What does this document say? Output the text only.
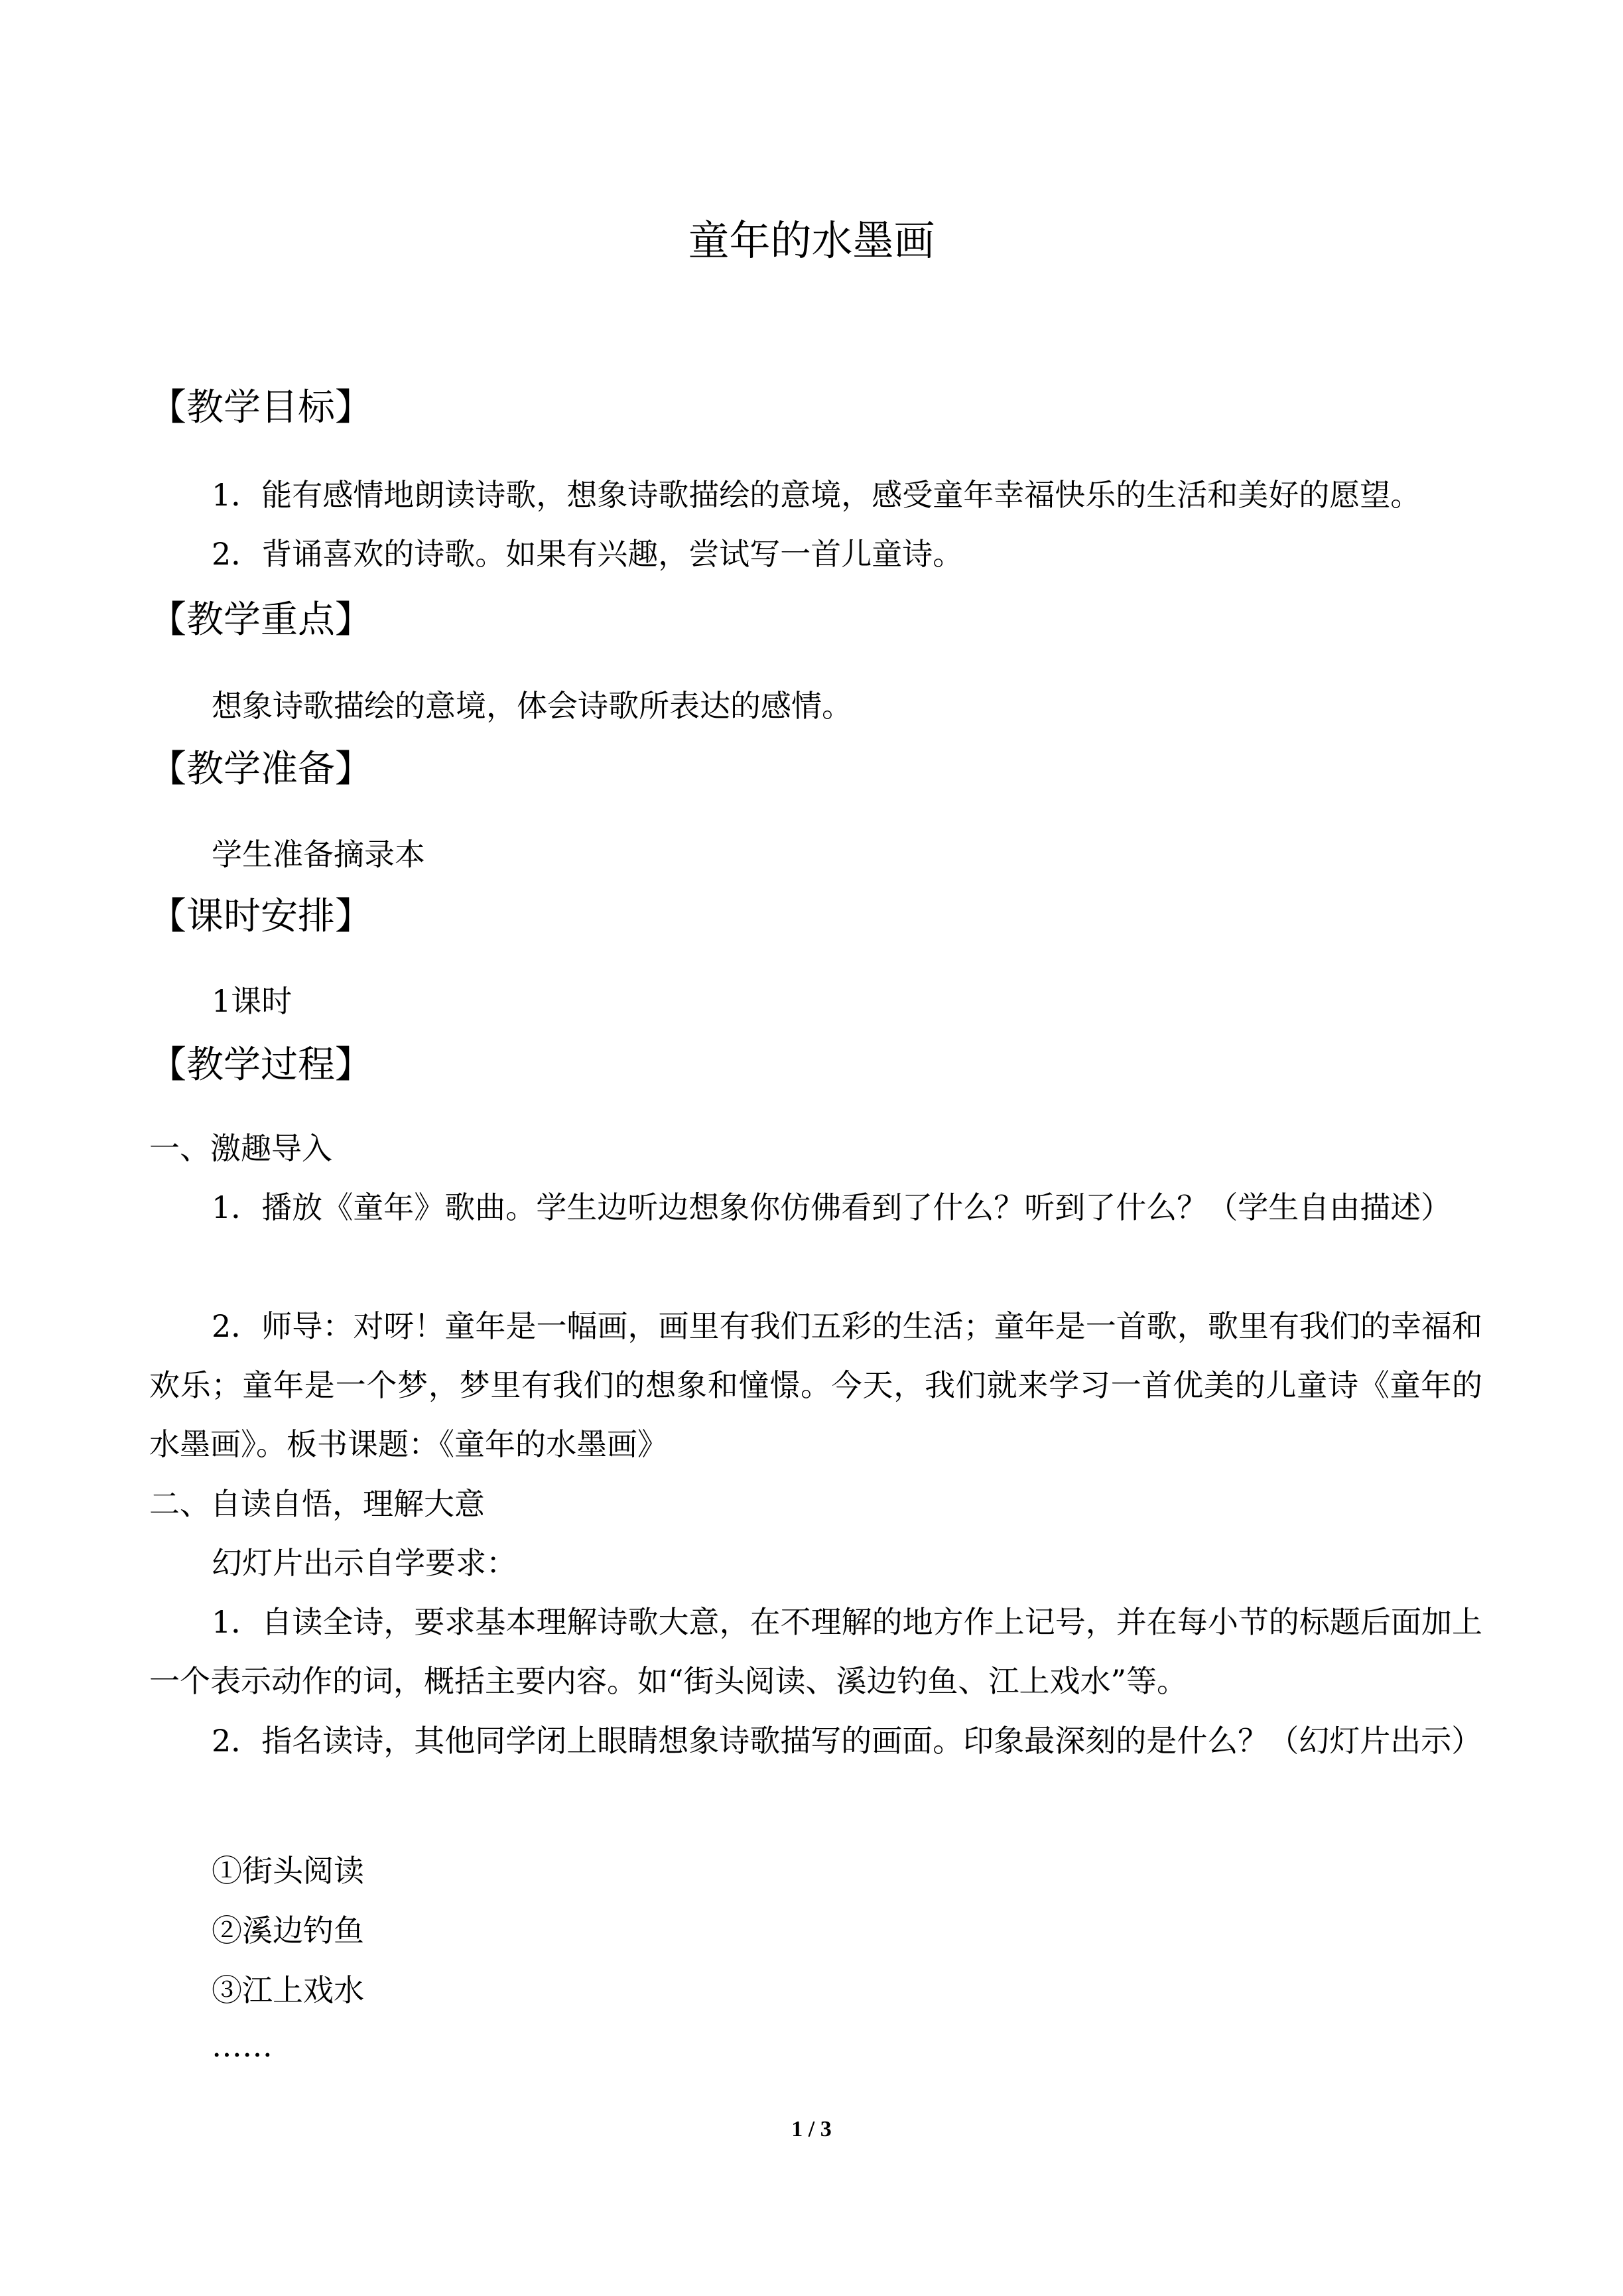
童年的水墨画
【教学目标】
1．能有感情地朗读诗歌，想象诗歌描绘的意境，感受童年幸福快乐的生活和美好的愿望。
2．背诵喜欢的诗歌。如果有兴趣，尝试写一首儿童诗。
【教学重点】
想象诗歌描绘的意境，体会诗歌所表达的感情。
【教学准备】
学生准备摘录本
【课时安排】
1课时
【教学过程】
一、激趣导入
1．播放《童年》歌曲。学生边听边想象你仿佛看到了什么？听到了什么？（学生自由描述）
2．师导：对呀！童年是一幅画，画里有我们五彩的生活；童年是一首歌，歌里有我们的幸福和欢乐；童年是一个梦，梦里有我们的想象和憧憬。今天，我们就来学习一首优美的儿童诗《童年的水墨画》。板书课题：《童年的水墨画》
二、自读自悟，理解大意
幻灯片出示自学要求：
1．自读全诗，要求基本理解诗歌大意，在不理解的地方作上记号，并在每小节的标题后面加上一个表示动作的词，概括主要内容。如“街头阅读、溪边钓鱼、江上戏水”等。
2．指名读诗，其他同学闭上眼睛想象诗歌描写的画面。印象最深刻的是什么？（幻灯片出示）
①街头阅读
②溪边钓鱼
③江上戏水
……
1 / 3
